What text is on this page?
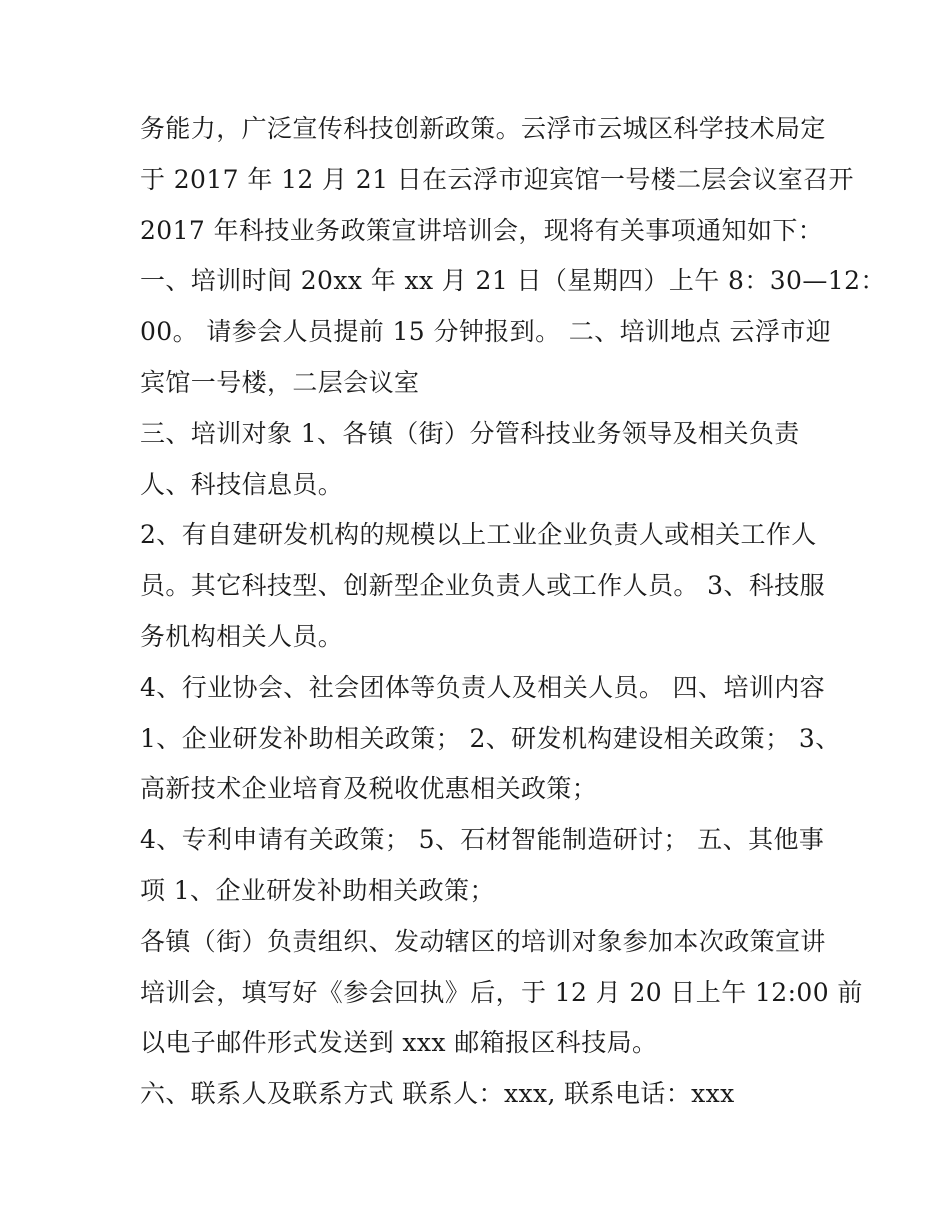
务能力，广泛宣传科技创新政策。云浮市云城区科学技术局定
于 2017 年 12 月 21 日在云浮市迎宾馆一号楼二层会议室召开
2017 年科技业务政策宣讲培训会，现将有关事项通知如下：
一、培训时间 20xx 年 xx 月 21 日（星期四）上午 8：30—12：
00。 请参会人员提前 15 分钟报到。 二、培训地点 云浮市迎
宾馆一号楼，二层会议室
三、培训对象 1、各镇（街）分管科技业务领导及相关负责
人、科技信息员。
2、有自建研发机构的规模以上工业企业负责人或相关工作人
员。其它科技型、创新型企业负责人或工作人员。 3、科技服
务机构相关人员。
4、行业协会、社会团体等负责人及相关人员。 四、培训内容
1、企业研发补助相关政策； 2、研发机构建设相关政策； 3、
高新技术企业培育及税收优惠相关政策；
4、专利申请有关政策； 5、石材智能制造研讨； 五、其他事
项 1、企业研发补助相关政策；
各镇（街）负责组织、发动辖区的培训对象参加本次政策宣讲
培训会，填写好《参会回执》后，于 12 月 20 日上午 12:00 前
以电子邮件形式发送到 xxx 邮箱报区科技局。
六、联系人及联系方式 联系人：xxx, 联系电话：xxx
